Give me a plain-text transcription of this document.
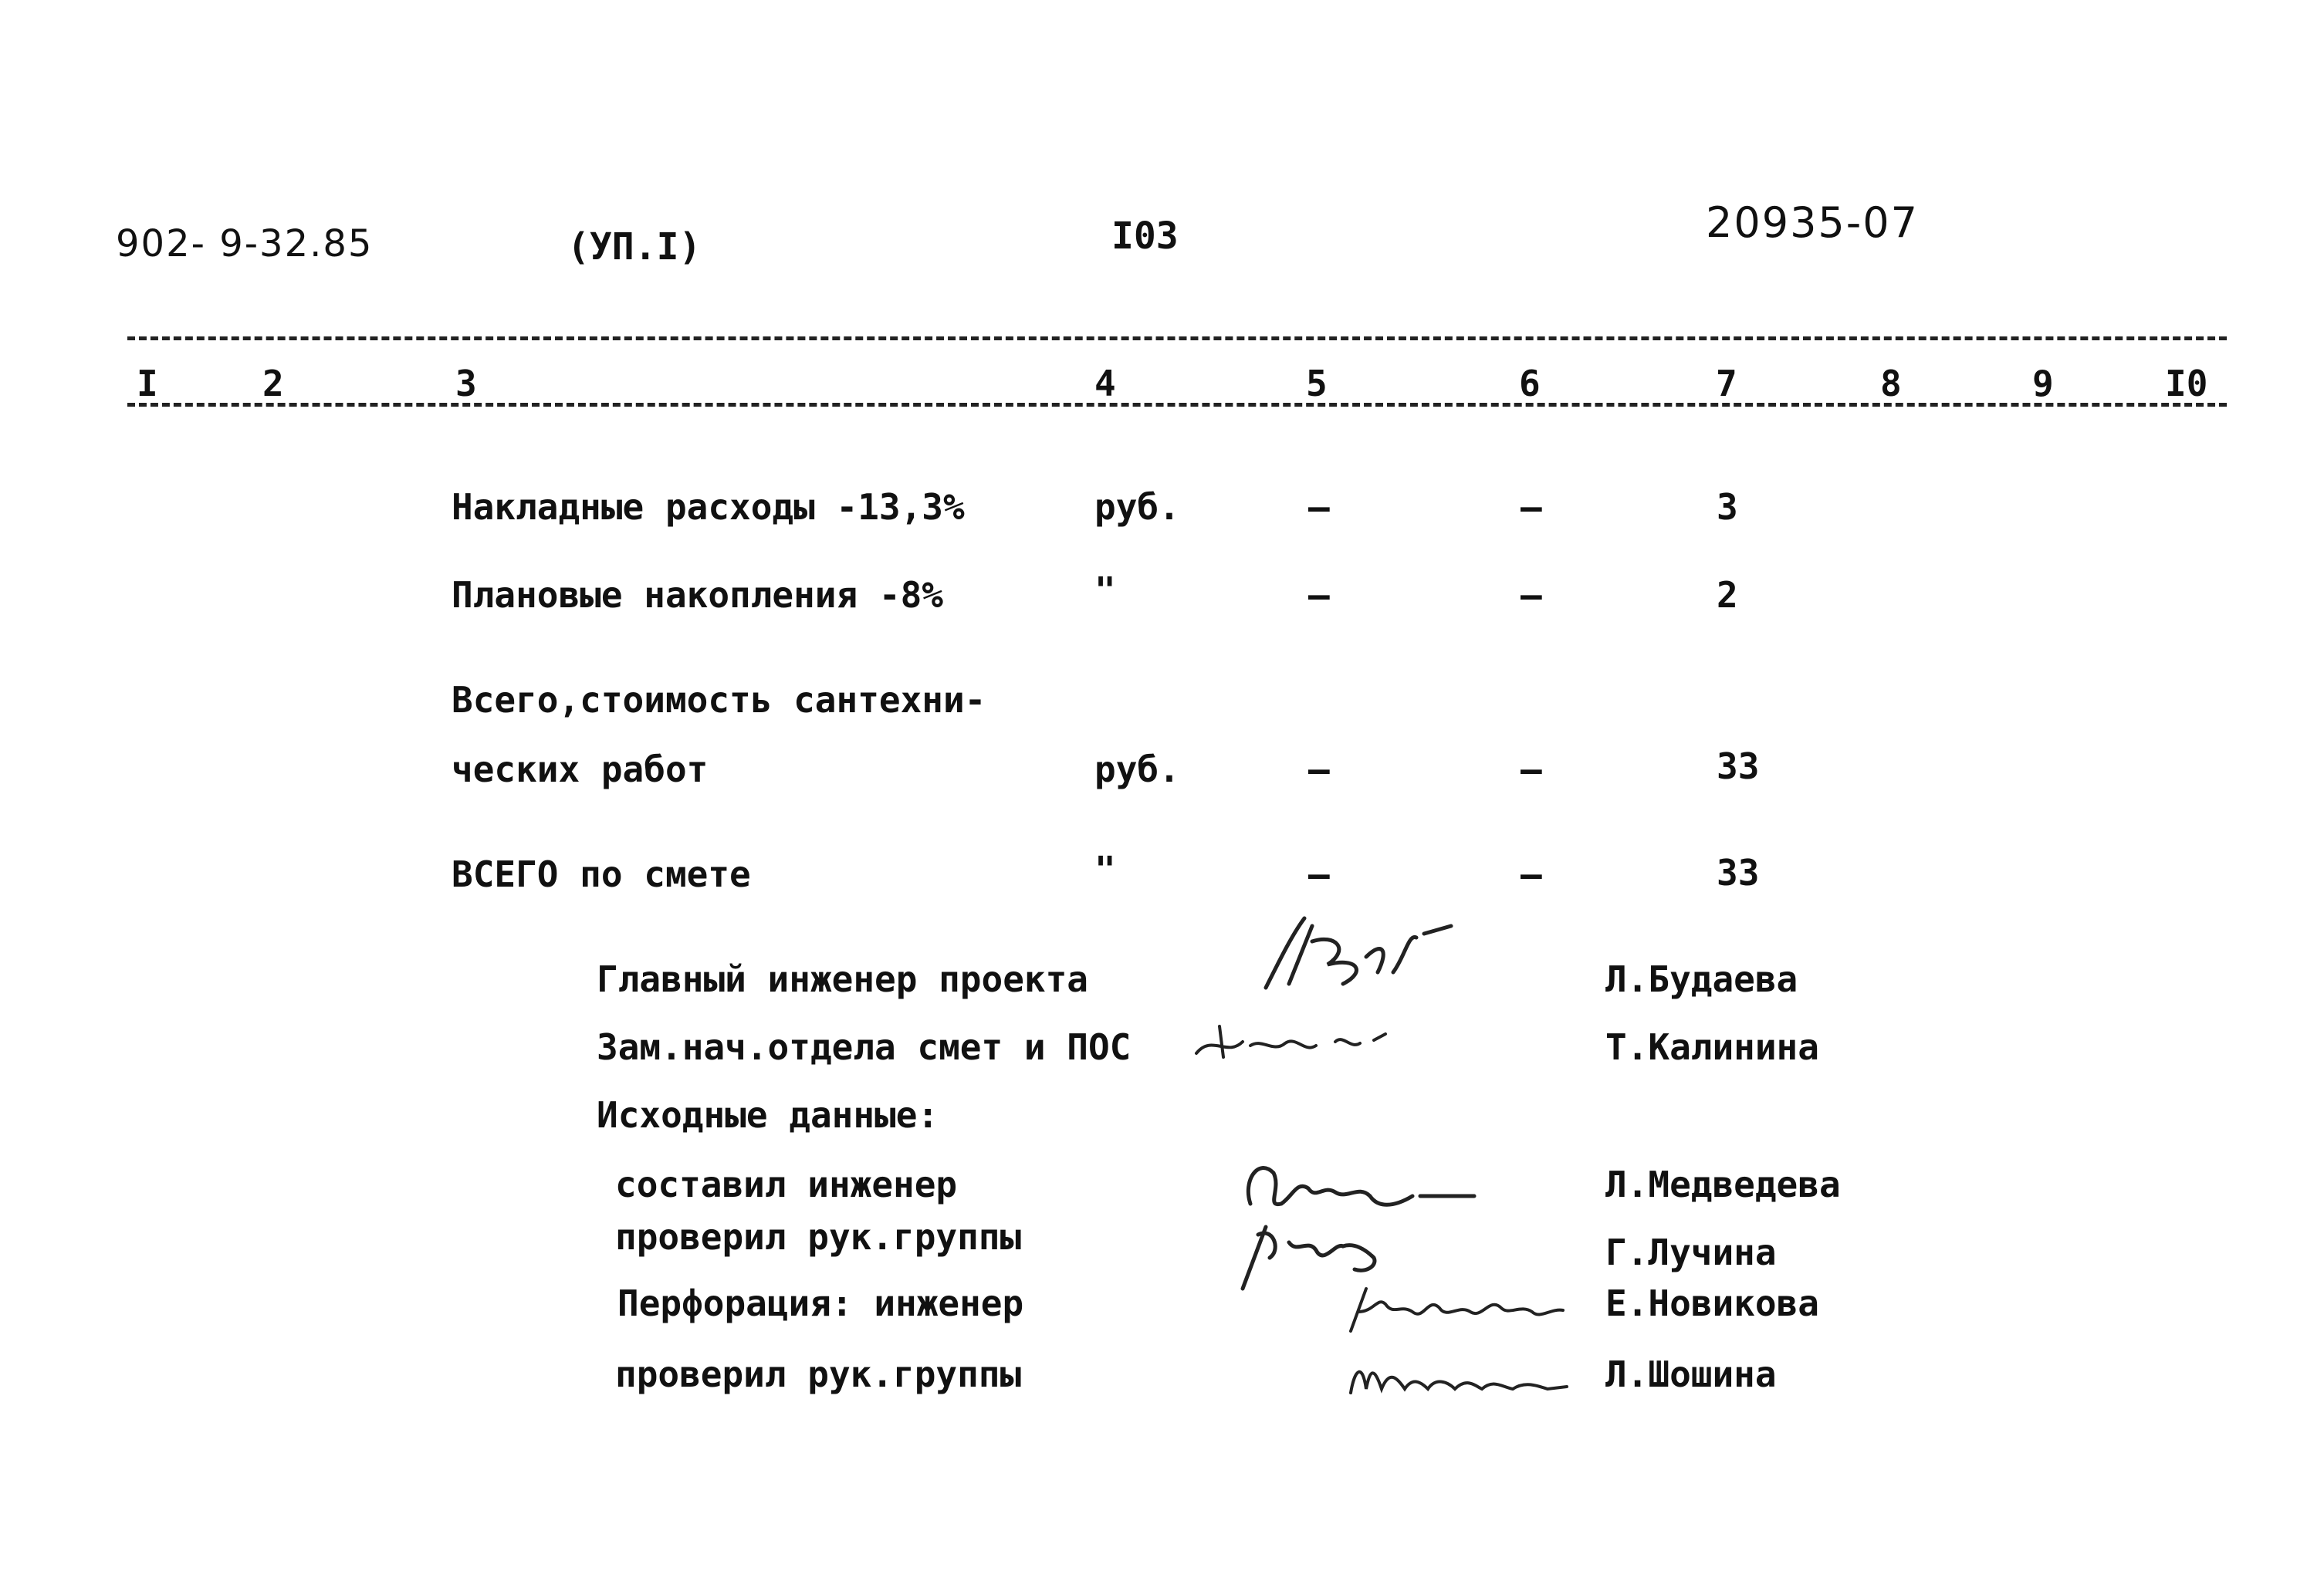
902- 9-32.85	(УП.I)	I03	20935-07
I	2	3	4	5	6	7	8	9	I0
Накладные расходы -13,3%	руб.	–	–	3
Плановые накопления -8%	"	–	–	2
Всего,стоимость сантехни-
ческих работ	руб.	–	–	33
ВСЕГО по смете	"	–	–	33
Главный инженер проекта	Л.Будаева
Зам.нач.отдела смет и ПОС	Т.Калинина
Исходные данные:
составил инженер	Л.Медведева
проверил рук.группы	Г.Лучина
Перфорация: инженер	Е.Новикова
проверил рук.группы	Л.Шошина
